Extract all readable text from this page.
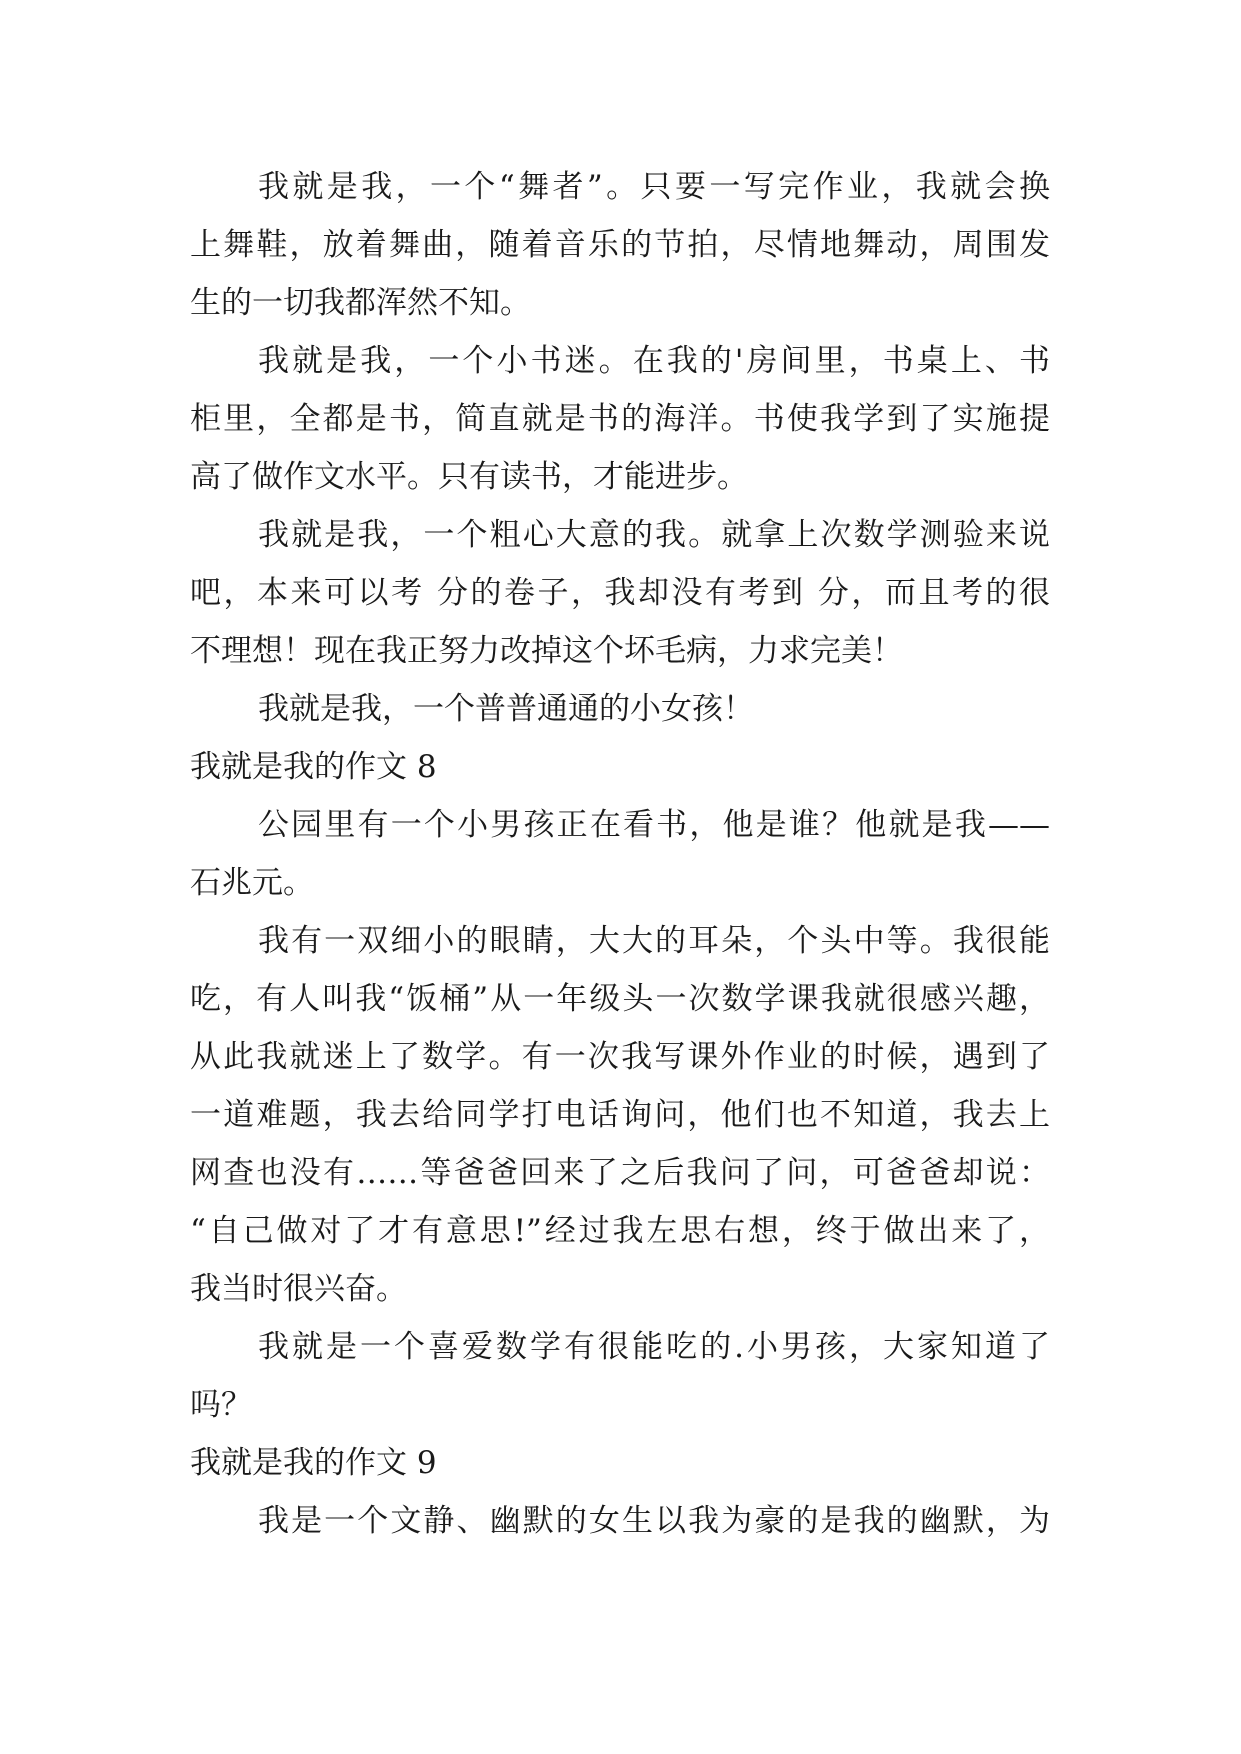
我就是我，一个“舞者”。只要一写完作业，我就会换
上舞鞋，放着舞曲，随着音乐的节拍，尽情地舞动，周围发
生的一切我都浑然不知。
我就是我，一个小书迷。在我的'房间里，书桌上、书
柜里，全都是书，简直就是书的海洋。书使我学到了实施提
高了做作文水平。只有读书，才能进步。
我就是我，一个粗心大意的我。就拿上次数学测验来说
吧，本来可以考 分的卷子，我却没有考到 分，而且考的很
不理想！现在我正努力改掉这个坏毛病，力求完美！
我就是我，一个普普通通的小女孩！
我就是我的作文 8
公园里有一个小男孩正在看书，他是谁？他就是我——
石兆元。
我有一双细小的眼睛，大大的耳朵，个头中等。我很能
吃，有人叫我“饭桶”从一年级头一次数学课我就很感兴趣，
从此我就迷上了数学。有一次我写课外作业的时候，遇到了
一道难题，我去给同学打电话询问，他们也不知道，我去上
网查也没有……等爸爸回来了之后我问了问，可爸爸却说：
“自己做对了才有意思!”经过我左思右想，终于做出来了，
我当时很兴奋。
我就是一个喜爱数学有很能吃的.小男孩，大家知道了
吗？
我就是我的作文 9
我是一个文静、幽默的女生以我为豪的是我的幽默，为
